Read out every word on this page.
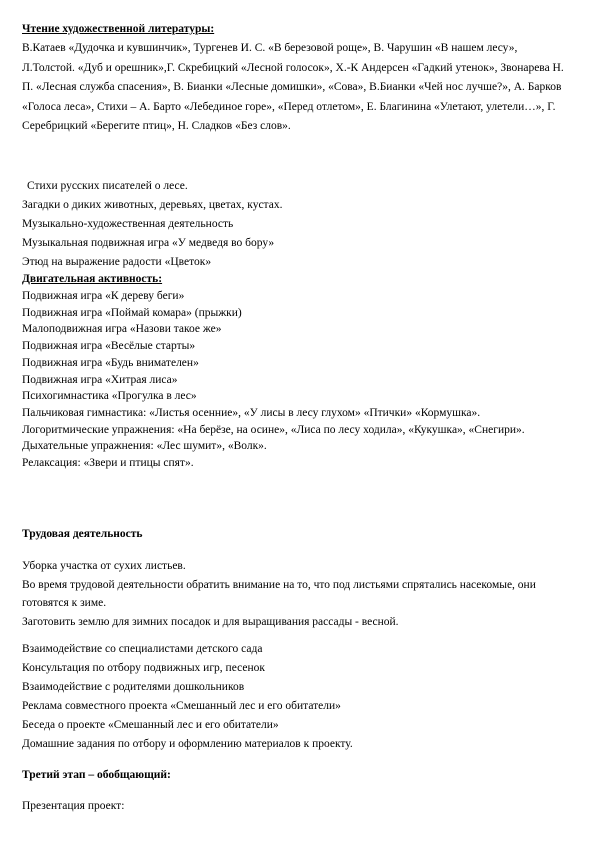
Чтение художественной литературы:

В.Катаев «Дудочка и кувшинчик», Тургенев И. С. «В березовой роще», В. Чарушин «В нашем лесу», Л.Толстой. «Дуб и орешник»,Г. Скребицкий «Лесной голосок», Х.-К Андерсен «Гадкий утенок», Звонарева Н. П. «Лесная служба спасения», В. Бианки «Лесные домишки», «Сова», В.Бианки «Чей нос лучше?», А. Барков «Голоса леса», Стихи – А. Барто «Лебединое горе», «Перед отлетом», Е. Благинина «Улетают, улетели…», Г. Серебрицкий «Берегите птиц», Н. Сладков «Без слов».

Стихи русских писателей о лесе.

Загадки о диких животных, деревьях, цветах, кустах.

Музыкально-художественная деятельность

Музыкальная подвижная игра «У медведя во бору»

Этюд на выражение радости «Цветок»

Двигательная активность:

Подвижная игра «К дереву беги»

Подвижная игра «Поймай комара» (прыжки)

Малоподвижная игра «Назови такое же»

Подвижная игра «Весёлые старты»

Подвижная игра «Будь внимателен»

Подвижная игра «Хитрая лиса»

Психогимнастика «Прогулка в лес»

Пальчиковая гимнастика: «Листья осенние», «У лисы в лесу глухом» «Птички» «Кормушка».

Логоритмические упражнения: «На берёзе, на осине», «Лиса по лесу ходила», «Кукушка», «Снегири».

Дыхательные упражнения: «Лес шумит», «Волк».

Релаксация: «Звери и птицы спят».

Трудовая деятельность

Уборка участка от сухих листьев.

Во время трудовой деятельности обратить внимание на то, что под листьями спрятались насекомые, они готовятся к зиме.

Заготовить землю для зимних посадок и для выращивания рассады - весной.

Взаимодействие со специалистами детского сада

Консультация по отбору подвижных игр, песенок

Взаимодействие с родителями дошкольников

Реклама совместного проекта «Смешанный лес и его обитатели»

Беседа о проекте «Смешанный лес и его обитатели»

Домашние задания по отбору и оформлению материалов к проекту.

Третий этап – обобщающий:

Презентация проект:
